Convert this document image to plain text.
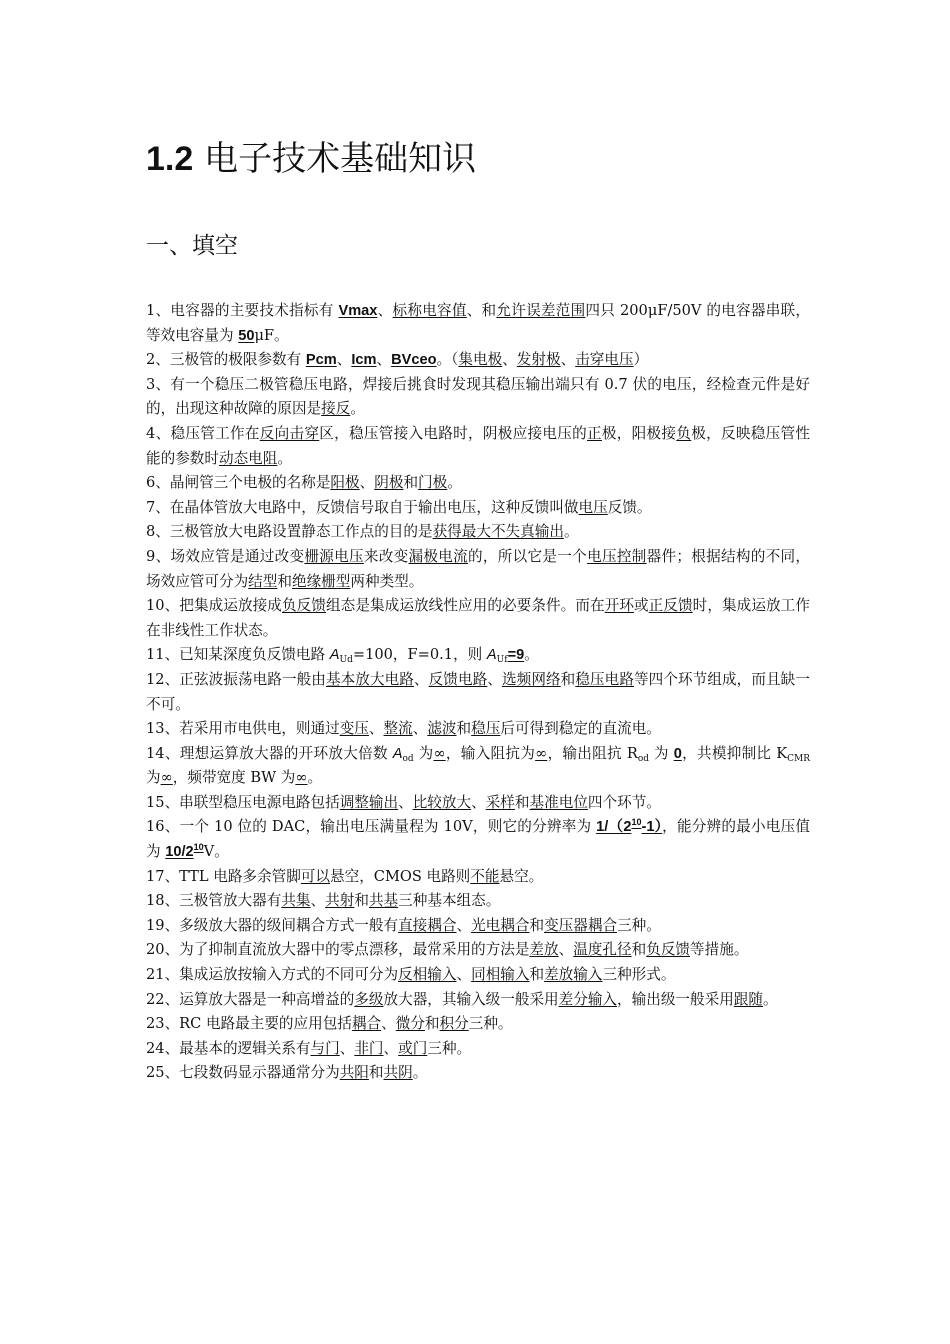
1.2 电子技术基础知识
一、填空

1、电容器的主要技术指标有 Vmax、标称电容值、和允许误差范围四只 200μF/50V 的电容器串联，等效电容量为 50μF。

2、三极管的极限参数有 Pcm、Icm、BVceo。（集电极、发射极、击穿电压）

3、有一个稳压二极管稳压电路，焊接后挑食时发现其稳压输出端只有 0.7 伏的电压，经检查元件是好的，出现这种故障的原因是接反。

4、稳压管工作在反向击穿区，稳压管接入电路时，阴极应接电压的正极，阳极接负极，反映稳压管性能的参数时动态电阻。

6、晶闸管三个电极的名称是阳极、阴极和门极。

7、在晶体管放大电路中，反馈信号取自于输出电压，这种反馈叫做电压反馈。

8、三极管放大电路设置静态工作点的目的是获得最大不失真输出。

9、场效应管是通过改变栅源电压来改变漏极电流的，所以它是一个电压控制器件；根据结构的不同，场效应管可分为结型和绝缘栅型两种类型。

10、把集成运放接成负反馈组态是集成运放线性应用的必要条件。而在开环或正反馈时，集成运放工作在非线性工作状态。

11、已知某深度负反馈电路 $A_{Ud}=100$，F=0.1，则 $A_{Uf}=9$。

12、正弦波振荡电路一般由基本放大电路、反馈电路、选频网络和稳压电路等四个环节组成，而且缺一不可。

13、若采用市电供电，则通过变压、整流、滤波和稳压后可得到稳定的直流电。

14、理想运算放大器的开环放大倍数 $A_{od}$ 为∞，输入阻抗为∞，输出阻抗 $R_{od}$ 为 0，共模抑制比 $K_{CMR}$ 为∞，频带宽度 BW 为∞。

15、串联型稳压电源电路包括调整输出、比较放大、采样和基准电位四个环节。

16、一个 10 位的 DAC，输出电压满量程为 10V，则它的分辨率为 $1/(2^{10}-1)$，能分辨的最小电压值为 $10/2^{10}V$。

17、TTL 电路多余管脚可以悬空，CMOS 电路则不能悬空。

18、三极管放大器有共集、共射和共基三种基本组态。

19、多级放大器的级间耦合方式一般有直接耦合、光电耦合和变压器耦合三种。

20、为了抑制直流放大器中的零点漂移，最常采用的方法是差放、温度孔径和负反馈等措施。

21、集成运放按输入方式的不同可分为反相输入、同相输入和差放输入三种形式。

22、运算放大器是一种高增益的多级放大器，其输入级一般采用差分输入，输出级一般采用跟随。

23、RC 电路最主要的应用包括耦合、微分和积分三种。

24、最基本的逻辑关系有与门、非门、或门三种。

25、七段数码显示器通常分为共阳和共阴。
